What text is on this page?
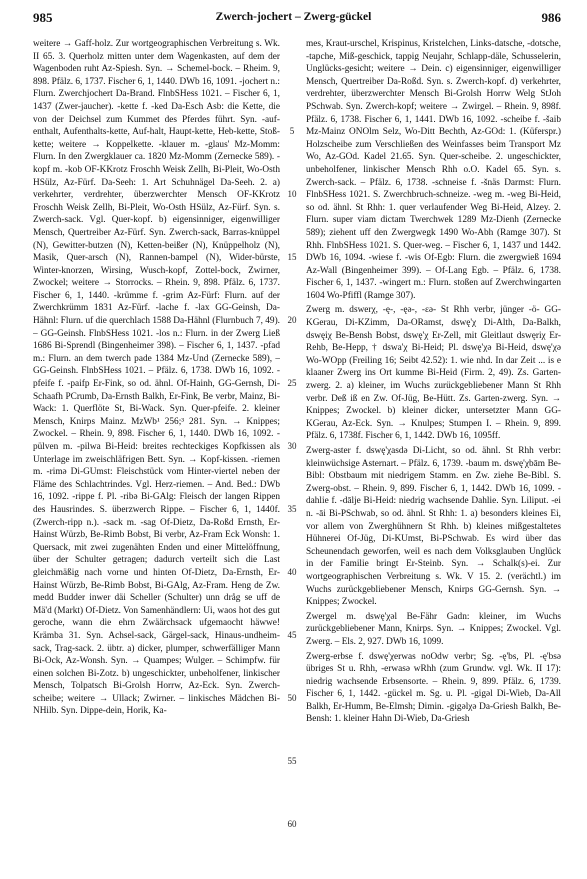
985	Zwerch-jochert – Zwerg-gückel	986

weitere → Gaff-holz. Zur wortgeographischen Verbreitung s. Wk. II 65. 3. Querholz mitten unter dem Wagenkasten, auf dem der Wagenboden ruht Az-Spiesh. Syn. → Schemel-bock. – Rheim. 9, 898. Pfälz. 6, 1737. Fischer 6, 1, 1440. DWb 16, 1091. -jochert n.: Flurn. Zwerchjochert Da-Brand. FlnbSHess 1021. – Fischer 6, 1, 1437 (Zwer-jaucher). -kette f. -ked Da-Esch Asb: die Kette, die von der Deichsel zum Kummet des Pferdes führt. Syn. -auf-enthalt, Aufenthalts-kette, Auf-halt, Haupt-kette, Heb-kette, Stoß-kette; weitere → Koppelkette. -klauer m. -glaus' Mz-Momm: Flurn. In den Zwergklauer ca. 1820 Mz-Momm (Zernecke 589). -kopf m. -kob OF-KKrotz Froschh Weisk Zellh, Bi-Pleit, Wo-Osth HSülz, Az-Fürf. Da-Seeh: 1. Art Schuhnägel Da-Seeh. 2. a) verkehrter, verdrehter, überzwerchter Mensch OF-KKrotz Froschh Weisk Zellh, Bi-Pleit, Wo-Osth HSülz, Az-Fürf. Syn. s. Zwerch-sack. Vgl. Quer-kopf. b) eigensinniger, eigenwilliger Mensch, Quertreiber Az-Fürf. Syn. Zwerch-sack, Barras-knüppel (N), Gewitter-butzen (N), Ketten-beißer (N), Knüppelholz (N), Masik, Quer-arsch (N), Rannen-bampel (N), Wider-bürste, Winter-knorzen, Wirsing, Wusch-kopf, Zottel-bock, Zwirner, Zwockel; weitere → Storrocks. – Rhein. 9, 898. Pfälz. 6, 1737. Fischer 6, 1, 1440. -krümme f. -grim Az-Fürf: Flurn. auf der Zwerchkrümm 1831 Az-Fürf. -lache f. -lax GG-Geinsh, Da-Hähnl: Flurn. uf die querchlach 1588 Da-Hähnl (Flurnbuch 7, 49). – GG-Geinsh. FlnbSHess 1021. -los n.: Flurn. in der Zwerg Ließ 1686 Bi-Sprendl (Bingenheimer 398). – Fischer 6, 1, 1437. -pfad m.: Flurn. an dem twerch pade 1384 Mz-Und (Zernecke 589), – GG-Geinsh. FlnbSHess 1021. – Pfälz. 6, 1738. DWb 16, 1092. -pfeife f. -paifp Er-Fink, so od. ähnl. Of-Hainh, GG-Gernsh, Di-Schaafh PCrumb, Da-Ernsth Balkh, Er-Fink, Be verbr, Mainz, Bi-Wack: 1. Querflöte St, Bi-Wack. Syn. Quer-pfeife. 2. kleiner Mensch, Knirps Mainz. MzWb¹ 256;³ 281. Syn. → Knippes; Zwockel. – Rhein. 9, 898. Fischer 6, 1, 1440. DWb 16, 1092. -pülven m. -pilwa Bi-Heid: breites rechteckiges Kopfkissen als Unterlage im zweischläfrigen Bett. Syn. → Kopf-kissen. -riemen m. -rimə Di-GUmst: Fleischstück vom Hinter-viertel neben der Flämе des Schlachtrindes. Vgl. Herz-riemen. – And. Bed.: DWb 16, 1092. -rippe f. Pl. -ribə Bi-GAlg: Fleisch der langen Rippen des Hausrindes. S. überzwerch Rippe. – Fischer 6, 1, 1440f. (Zwerch-ripp n.). -sack m. -sag Of-Dietz, Da-Roßd Ernsth, Er-Hainst Würzb, Be-Rimb Bobst, Bi verbr, Az-Fram Eck Wonsh: 1. Quersack, mit zwei zugenähten Enden und einer Mittelöffnung, über der Schulter getragen; dadurch verteilt sich die Last gleichmäßig nach vorne und hinten Of-Dietz, Da-Ernsth, Er-Hainst Würzb, Be-Rimb Bobst, Bi-GAlg, Az-Fram. Heng de Zw. medd Budder inwer däi Scheller (Schulter) unn dråg se uff de Mä'd (Markt) Of-Dietz. Von Samenhändlern: Ui, waos hot des gut geroche, wann die ehrn Zwäärchsack ufgemaocht häwwe! Krämba 31. Syn. Achsel-sack, Gärgel-sack, Hinaus-undheim-sack, Trag-sack. 2. übtr. a) dicker, plumper, schwerfälliger Mann Bi-Ock, Az-Wonsh. Syn. → Quampes; Wulger. – Schimpfw. für einen solchen Bi-Zotz. b) ungeschickter, unbeholfener, linkischer Mensch, Tolpatsch Bi-Grolsh Horrw, Az-Eck. Syn. Zwerch-scheibe; weitere → Ullack; Zwirner. – linkisches Mädchen Bi-NHilb. Syn. Dippe-dein, Horik, Ka-

5
10
15
20
25
30
35
40
45
50
55
60

mes, Kraut-urschel, Krispinus, Kristelchen, Links-datsche, -dotsche, -tapche, Miß-geschick, tappig Neujahr, Schlapp-däle, Schusselerin, Unglücks-gesicht; weitere → Dein. c) eigensinniger, eigenwilliger Mensch, Quertreiber Da-Roßd. Syn. s. Zwerch-kopf. d) verkehrter, verdrehter, überzwerchter Mensch Bi-Grolsh Horrw Welg StJoh PSchwab. Syn. Zwerch-kopf; weitere → Zwirgel. – Rhein. 9, 898f. Pfälz. 6, 1738. Fischer 6, 1, 1441. DWb 16, 1092. -scheibe f. -šaib Mz-Mainz ONOlm Selz, Wo-Ditt Bechth, Az-GOd: 1. (Küferspr.) Holzscheibe zum Verschließen des Weinfasses beim Transport Mz Wo, Az-GOd. Kadel 21.65. Syn. Quer-scheibe. 2. ungeschickter, unbeholfener, linkischer Mensch Rhh o.O. Kadel 65. Syn. s. Zwerch-sack. – Pfälz. 6, 1738. -schneise f. -šnäs Darmst: Flurn. FlnbSHess 1021. S. Zwerchbruch-schneize. -weg m. -weg Bi-Heid, so od. ähnl. St Rhh: 1. quer verlaufender Weg Bi-Heid, Alzey. 2. Flurn. super viam dictam Twerchwek 1289 Mz-Dienh (Zernecke 589); ziehent uff den Zwergwegk 1490 Wo-Abh (Ramge 307). St Rhh. FlnbSHess 1021. S. Quer-weg. – Fischer 6, 1, 1437 und 1442. DWb 16, 1094. -wiese f. -wis Of-Egb: Flurn. die zwergwieß 1694 Az-Wall (Bingenheimer 399). – Of-Lang Egb. – Pfälz. 6, 1738. Fischer 6, 1, 1437. -wingert m.: Flurn. stoßen auf Zwerchwingarten 1604 Wo-Pfiffl (Ramge 307).

Zwerg m. dswerχ, -ę-, -ęə-, -εə- St Rhh verbr, jünger -ö- GG-KGerau, Di-KZimm, Da-ORamst, dswę'χ Di-Alth, Da-Balkh, dswęiχ Be-Bensh Bobst, dswę'χ Er-Zell, mit Gleitlaut dswęriχ Er-Rehb, Be-Hepp, † dswa'χ Bi-Heid; Pl. dswę'χə Bi-Heid, dswę'χə Wo-WOpp (Freiling 16; Seibt 42.52): 1. wie nhd. In dar Zeit ... is e klaaner Zwerg ins Ort kumme Bi-Heid (Firm. 2, 49). Zs. Garten-zwerg. 2. a) kleiner, im Wuchs zurückgebliebener Mann St Rhh verbr. Deß iß en Zw. Of-Jüg, Be-Hütt. Zs. Garten-zwerg. Syn. → Knippes; Zwockel. b) kleiner dicker, untersetzter Mann GG-KGerau, Az-Eck. Syn. → Knulpes; Stumpen I. – Rhein. 9, 899. Pfälz. 6, 1738f. Fischer 6, 1, 1442. DWb 16, 1095ff.

Zwerg-aster f. dswę'χasdə Di-Licht, so od. ähnl. St Rhh verbr: kleinwüchsige Asternart. – Pfälz. 6, 1739. -baum m. dswę'χbām Be-Bibl: Obstbaum mit niedrigem Stamm. en Zw. ziehe Be-Bibl. S. Zwerg-obst. – Rhein. 9, 899. Fischer 6, 1, 1442. DWb 16, 1099. -dahlie f. -dālje Bi-Heid: niedrig wachsende Dahlie. Syn. Liliput. -ei n. -āi Bi-PSchwab, so od. ähnl. St Rhh: 1. a) besonders kleines Ei, vor allem von Zwerghühnern St Rhh. b) kleines mißgestaltetes Hühnerei Of-Jüg, Di-KUmst, Bi-PSchwab. Es wird über das Scheunendach geworfen, weil es nach dem Volksglauben Unglück in der Familie bringt Er-Steinb. Syn. → Schalk(s)-ei. Zur wortgeographischen Verbreitung s. Wk. V 15. 2. (verächtl.) im Wuchs zurückgebliebener Mensch, Knirps GG-Gernsh. Syn. → Knippes; Zwockel.

Zwergel m. dswę'χəl Be-Fähr Gadn: kleiner, im Wuchs zurückgebliebener Mann, Knirps. Syn. → Knippes; Zwockel. Vgl. Zwerg. – Els. 2, 927. DWb 16, 1099.

Zwerg-erbse f. dswę'χerwas noOdw verbr; Sg. -ę'bs, Pl. -ę'bsə übriges St u. Rhh, -erwasə wRhh (zum Grundw. vgl. Wk. II 17): niedrig wachsende Erbsensorte. – Rhein. 9, 899. Pfälz. 6, 1739. Fischer 6, 1, 1442. -gückel m. Sg. u. Pl. -gigəl Di-Wieb, Da-All Balkh, Er-Humm, Be-Elmsh; Dimin. -gigəlχə Da-Griesh Balkh, Be-Bensh: 1. kleiner Hahn Di-Wieb, Da-Griesh
